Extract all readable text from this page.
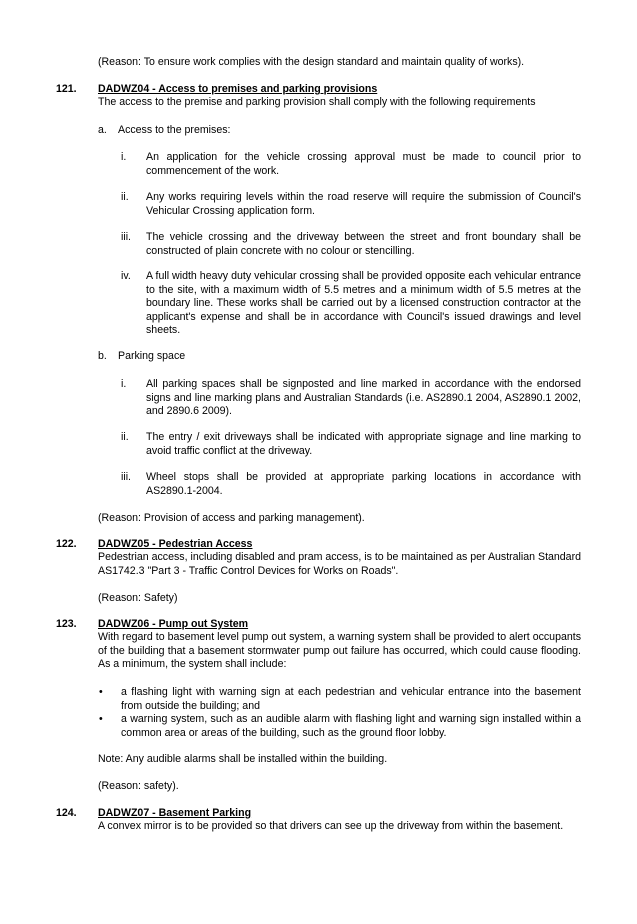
(Reason: To ensure work complies with the design standard and maintain quality of works).

121. DADWZ04 - Access to premises and parking provisions

The access to the premise and parking provision shall comply with the following requirements

a. Access to the premises:
i. An application for the vehicle crossing approval must be made to council prior to commencement of the work.

ii. Any works requiring levels within the road reserve will require the submission of Council's Vehicular Crossing application form.

iii. The vehicle crossing and the driveway between the street and front boundary shall be constructed of plain concrete with no colour or stencilling.

iv. A full width heavy duty vehicular crossing shall be provided opposite each vehicular entrance to the site, with a maximum width of 5.5 metres and a minimum width of 5.5 metres at the boundary line. These works shall be carried out by a licensed construction contractor at the applicant's expense and shall be in accordance with Council's issued drawings and level sheets.

b. Parking space
i. All parking spaces shall be signposted and line marked in accordance with the endorsed signs and line marking plans and Australian Standards (i.e. AS2890.1 2004, AS2890.1 2002, and 2890.6 2009).

ii. The entry / exit driveways shall be indicated with appropriate signage and line marking to avoid traffic conflict at the driveway.

iii. Wheel stops shall be provided at appropriate parking locations in accordance with AS2890.1-2004.

(Reason: Provision of access and parking management).

122. DADWZ05 - Pedestrian Access

Pedestrian access, including disabled and pram access, is to be maintained as per Australian Standard AS1742.3 "Part 3 - Traffic Control Devices for Works on Roads".

(Reason: Safety)

123. DADWZ06 - Pump out System

With regard to basement level pump out system, a warning system shall be provided to alert occupants of the building that a basement stormwater pump out failure has occurred, which could cause flooding. As a minimum, the system shall include:

• a flashing light with warning sign at each pedestrian and vehicular entrance into the basement from outside the building; and

• a warning system, such as an audible alarm with flashing light and warning sign installed within a common area or areas of the building, such as the ground floor lobby.

Note: Any audible alarms shall be installed within the building.

(Reason: safety).

124. DADWZ07 - Basement Parking

A convex mirror is to be provided so that drivers can see up the driveway from within the basement.
